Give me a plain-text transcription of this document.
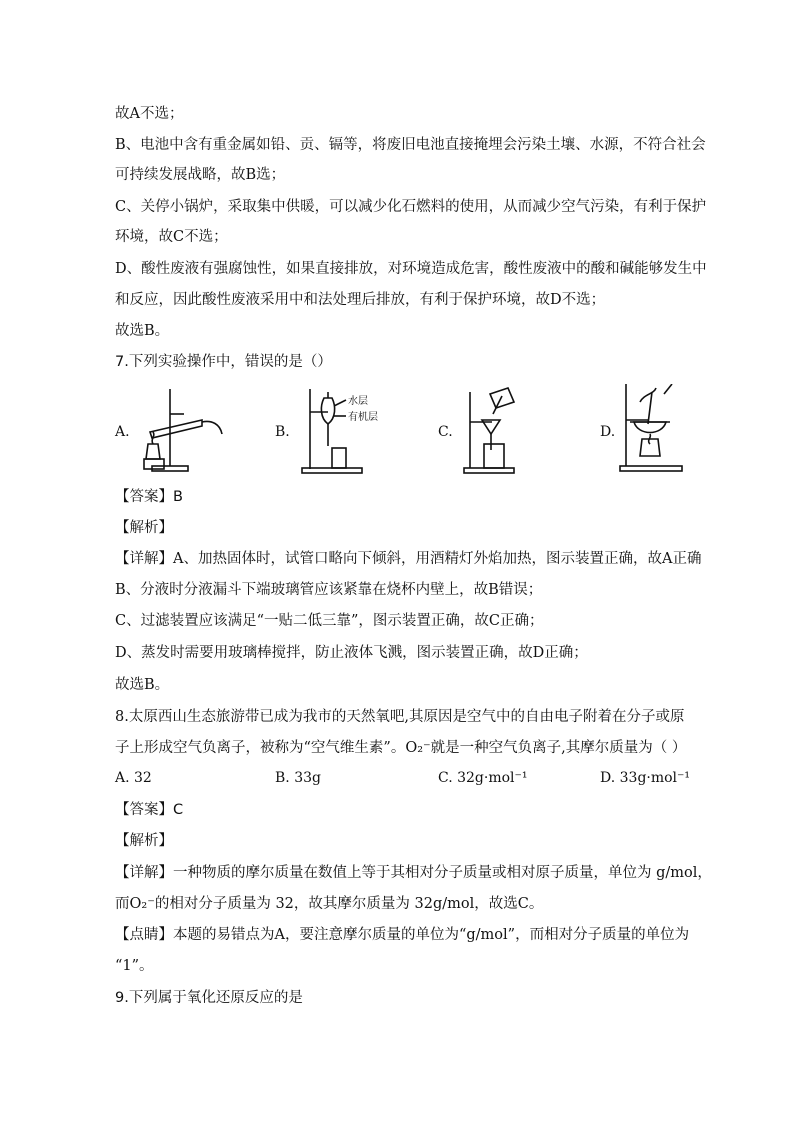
故A不选；
B、电池中含有重金属如铅、贡、镉等，将废旧电池直接掩埋会污染土壤、水源，不符合社会
可持续发展战略，故B选；
C、关停小锅炉，采取集中供暖，可以减少化石燃料的使用，从而减少空气污染，有利于保护
环境，故C不选；
D、酸性废液有强腐蚀性，如果直接排放，对环境造成危害，酸性废液中的酸和碱能够发生中
和反应，因此酸性废液采用中和法处理后排放，有利于保护环境，故D不选；
故选B。
7.下列实验操作中，错误的是（）
A.	B.
水层
有机层
C.	D.
【答案】B
【解析】
【详解】A、加热固体时，试管口略向下倾斜，用酒精灯外焰加热，图示装置正确，故A正确
B、分液时分液漏斗下端玻璃管应该紧靠在烧杯内壁上，故B错误；
C、过滤装置应该满足“一贴二低三靠”，图示装置正确，故C正确；
D、蒸发时需要用玻璃棒搅拌，防止液体飞溅，图示装置正确，故D正确；
故选B。
8.太原西山生态旅游带已成为我市的天然氧吧,其原因是空气中的自由电子附着在分子或原
子上形成空气负离子，被称为“空气维生素”。O₂⁻就是一种空气负离子,其摩尔质量为（ ）
A. 32	B. 33g	C. 32g·mol⁻¹	D. 33g·mol⁻¹
【答案】C
【解析】
【详解】一种物质的摩尔质量在数值上等于其相对分子质量或相对原子质量，单位为 g/mol，
而O₂⁻的相对分子质量为 32，故其摩尔质量为 32g/mol，故选C。
【点睛】本题的易错点为A，要注意摩尔质量的单位为“g/mol”，而相对分子质量的单位为
“1”。
9.下列属于氧化还原反应的是
